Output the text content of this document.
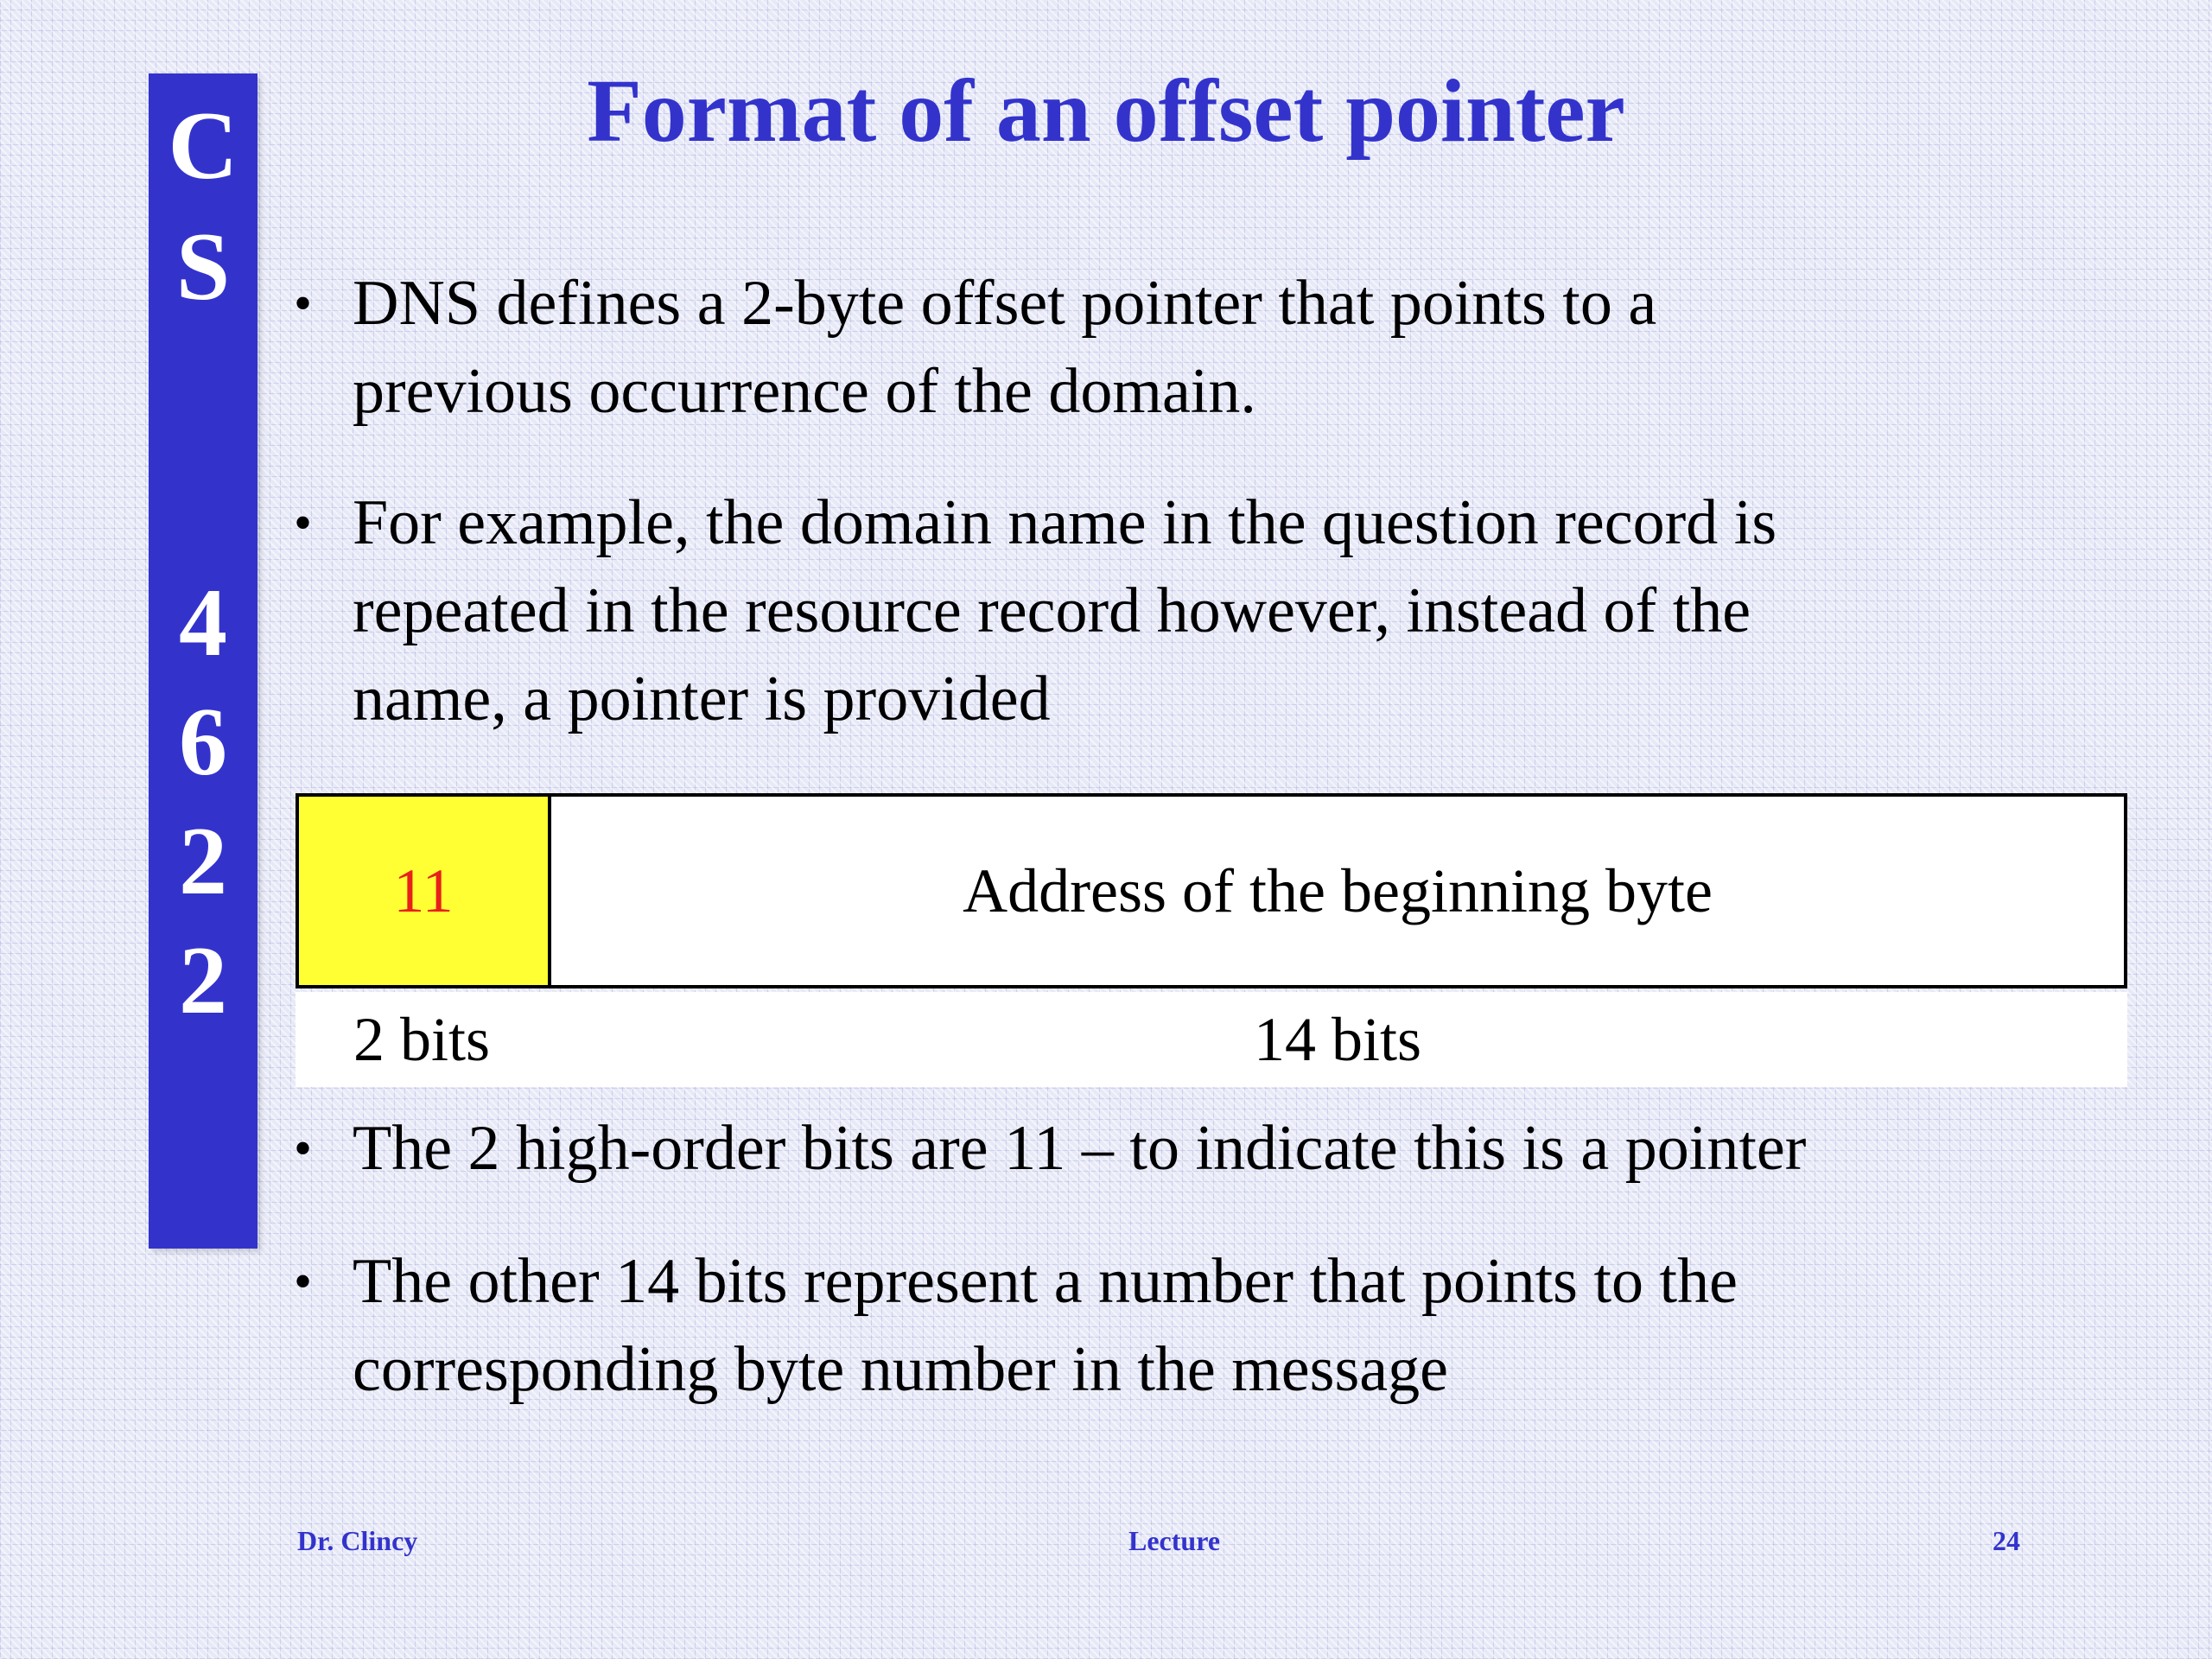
C
S
4
6
2
2
Format of an offset pointer
• DNS defines a 2-byte offset pointer that points to a
previous occurrence of the domain.
• For example, the domain name in the question record is
repeated in the resource record however, instead of the
name, a pointer is provided
• The 2 high-order bits are 11 – to indicate this is a pointer
• The other 14 bits represent a number that points to the
corresponding byte number in the message
11	Address of the beginning byte
2 bits	14 bits
Dr. Clincy	Lecture	24
